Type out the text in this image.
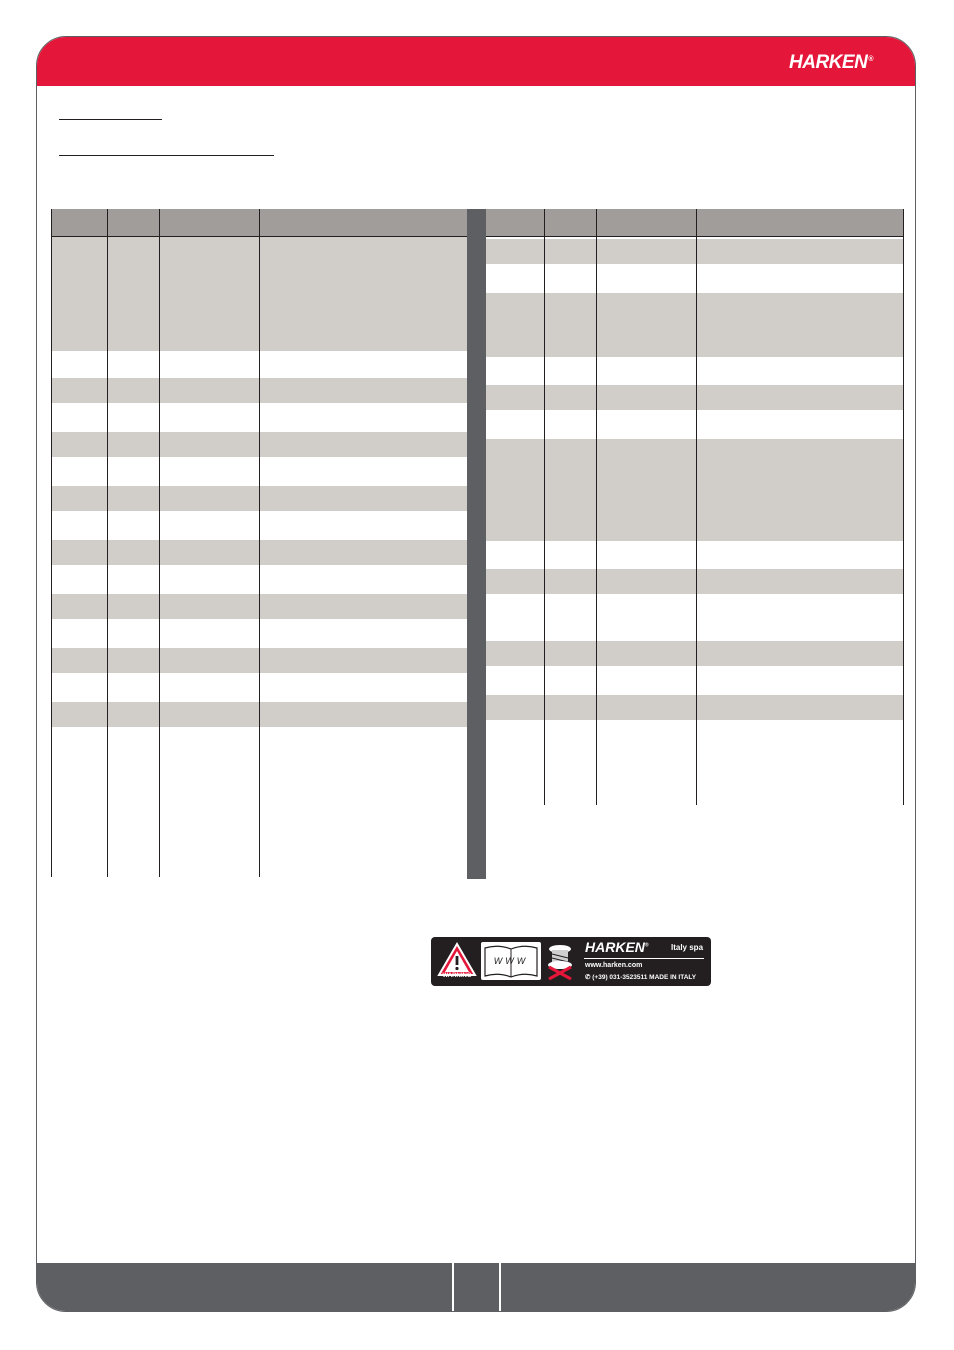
HARKEN®
WARNING
WWW
HARKEN®	Italy spa
www.harken.com
✆ (+39) 031-3523511 MADE IN ITALY
